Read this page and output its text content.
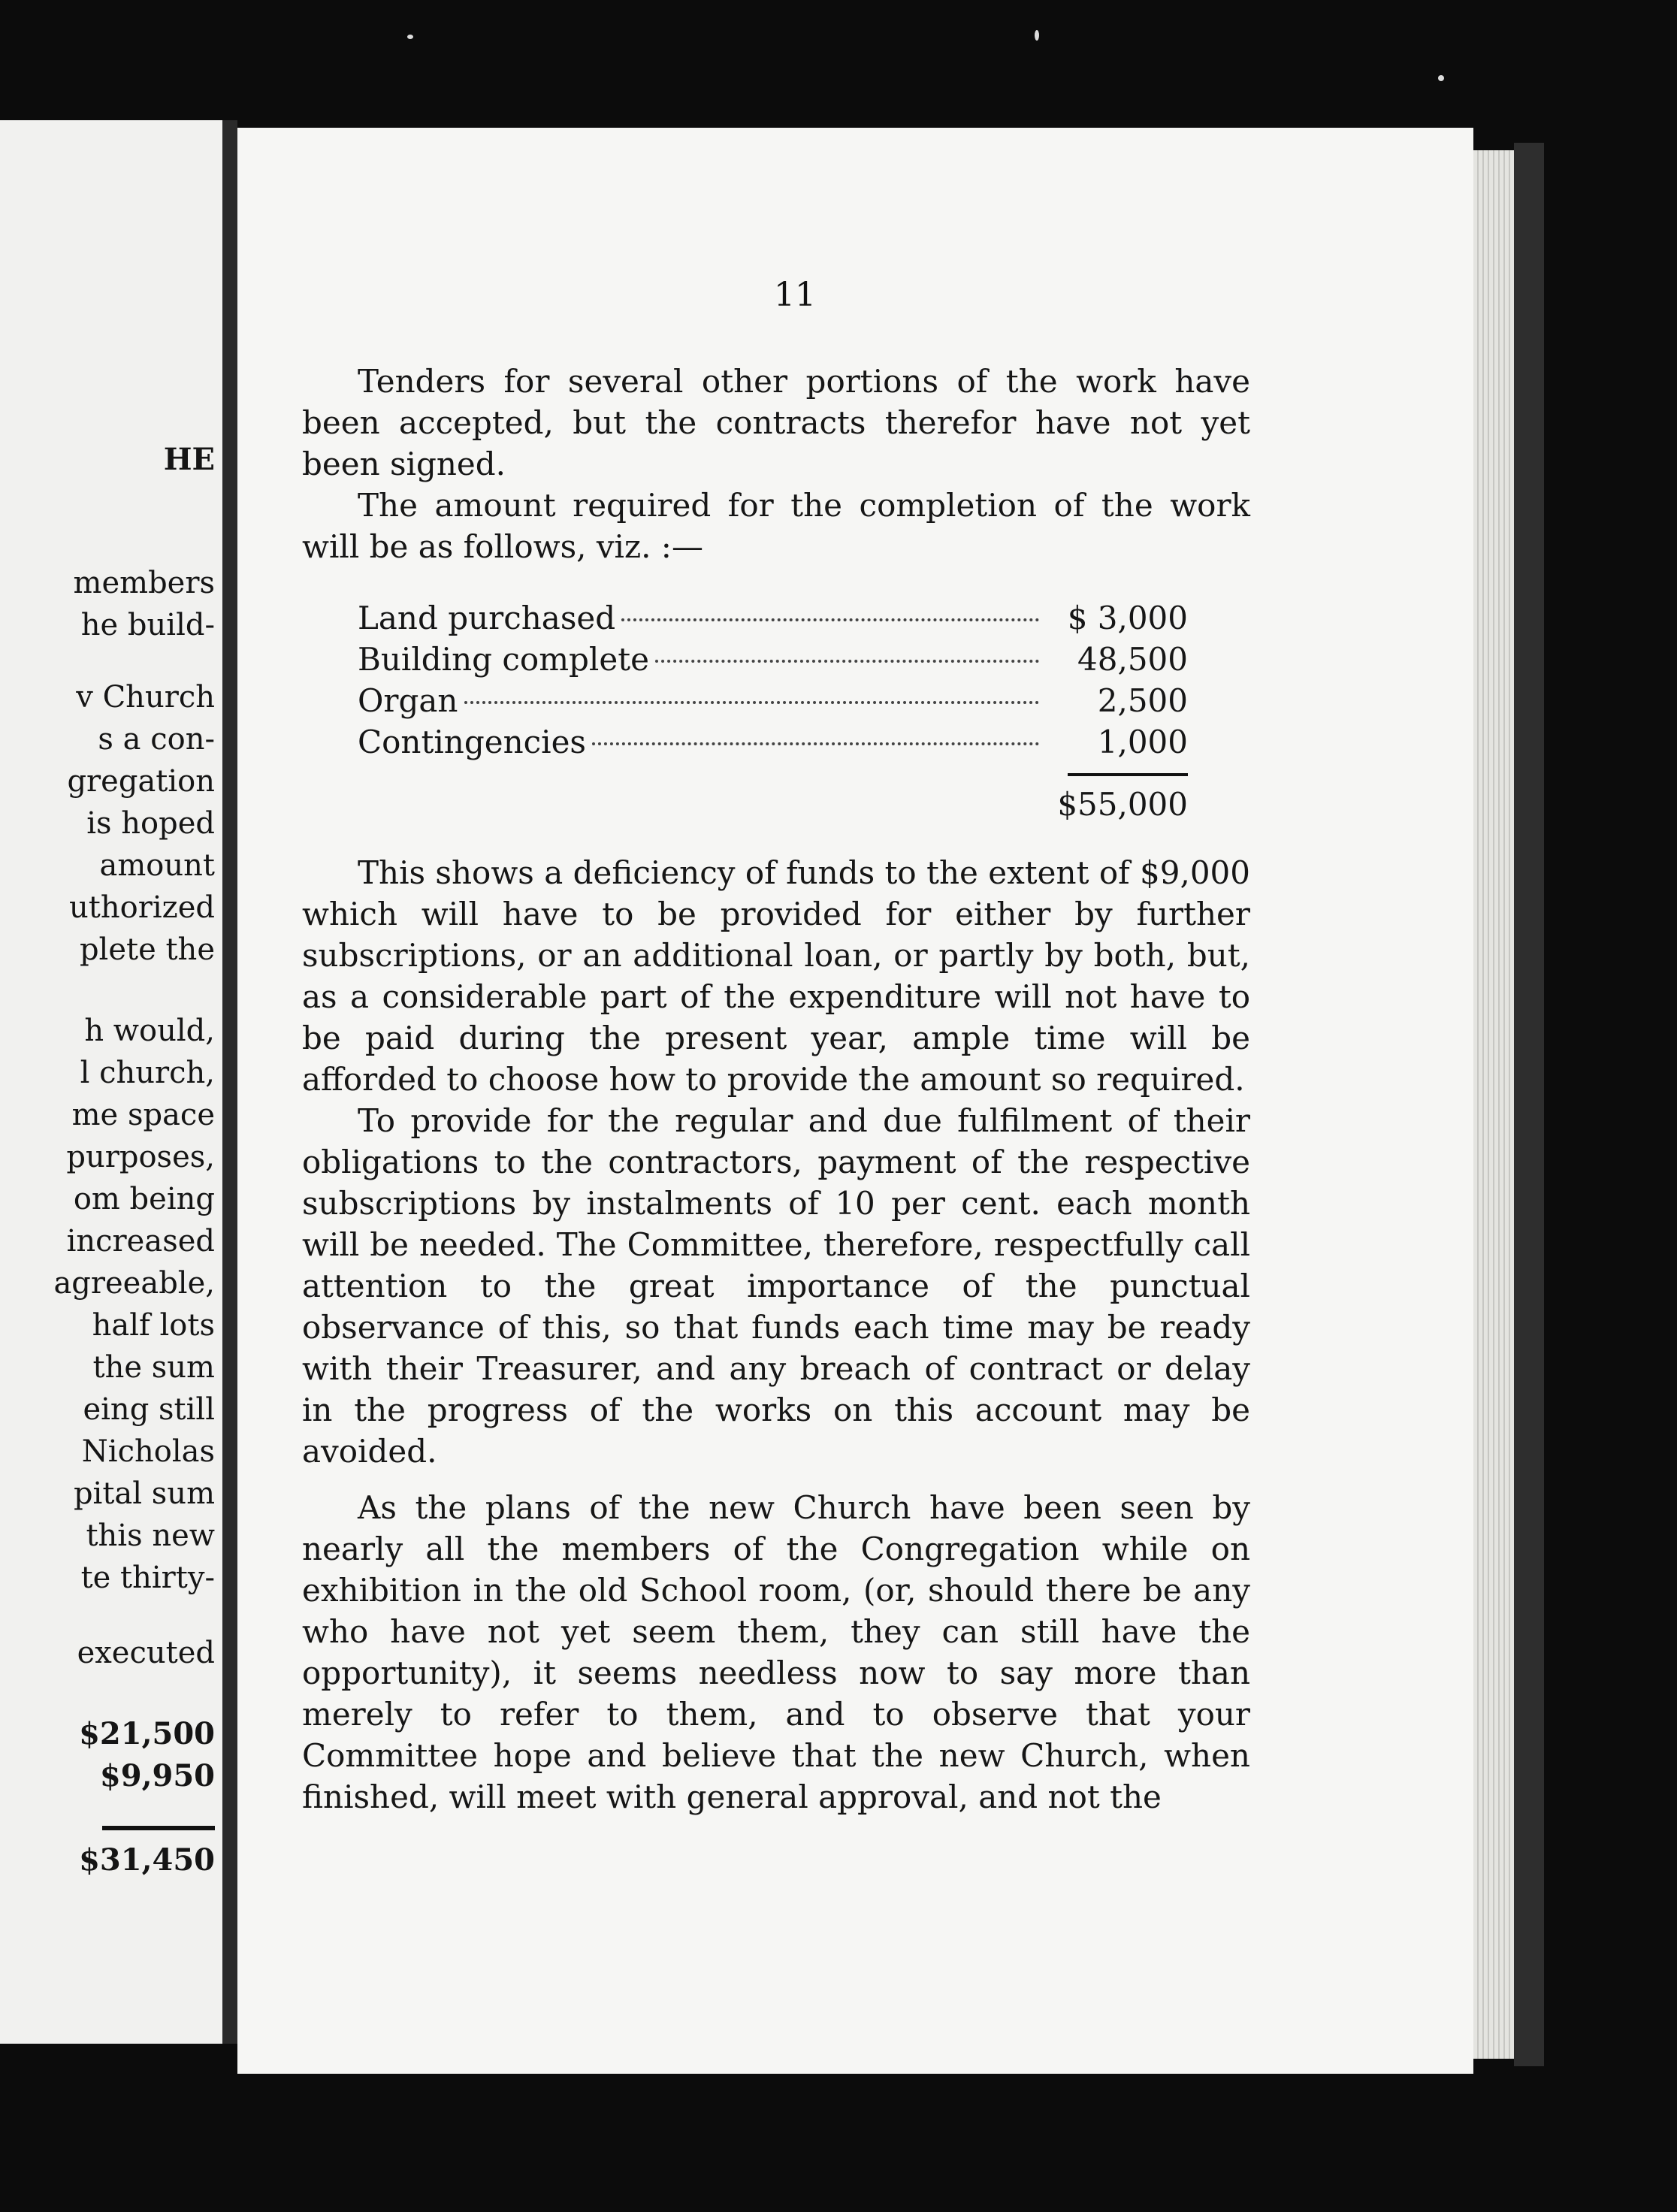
HE
members
he build-
v Church
s a con-
gregation
is hoped
amount
uthorized
plete the
h would,
l church,
me space
purposes,
om being
increased
agreeable,
half lots
the sum
eing still
Nicholas
pital sum
this new
te thirty-
executed
$21,500
$9,950
$31,450
11

Tenders for several other portions of the work have been accepted, but the contracts therefor have not yet been signed.

The amount required for the completion of the work will be as follows, viz. :—

Land purchased	$ 3,000
Building complete	48,500
Organ	2,500
Contingencies	1,000
$55,000

This shows a deficiency of funds to the extent of $9,000 which will have to be provided for either by further subscriptions, or an additional loan, or partly by both, but, as a considerable part of the expenditure will not have to be paid during the present year, ample time will be afforded to choose how to provide the amount so required.

To provide for the regular and due fulfilment of their obligations to the contractors, payment of the respective subscriptions by instalments of 10 per cent. each month will be needed. The Committee, therefore, respectfully call attention to the great importance of the punctual observance of this, so that funds each time may be ready with their Treasurer, and any breach of contract or delay in the progress of the works on this account may be avoided.

As the plans of the new Church have been seen by nearly all the members of the Congregation while on exhibition in the old School room, (or, should there be any who have not yet seem them, they can still have the opportunity), it seems needless now to say more than merely to refer to them, and to observe that your Committee hope and believe that the new Church, when finished, will meet with general approval, and not the
